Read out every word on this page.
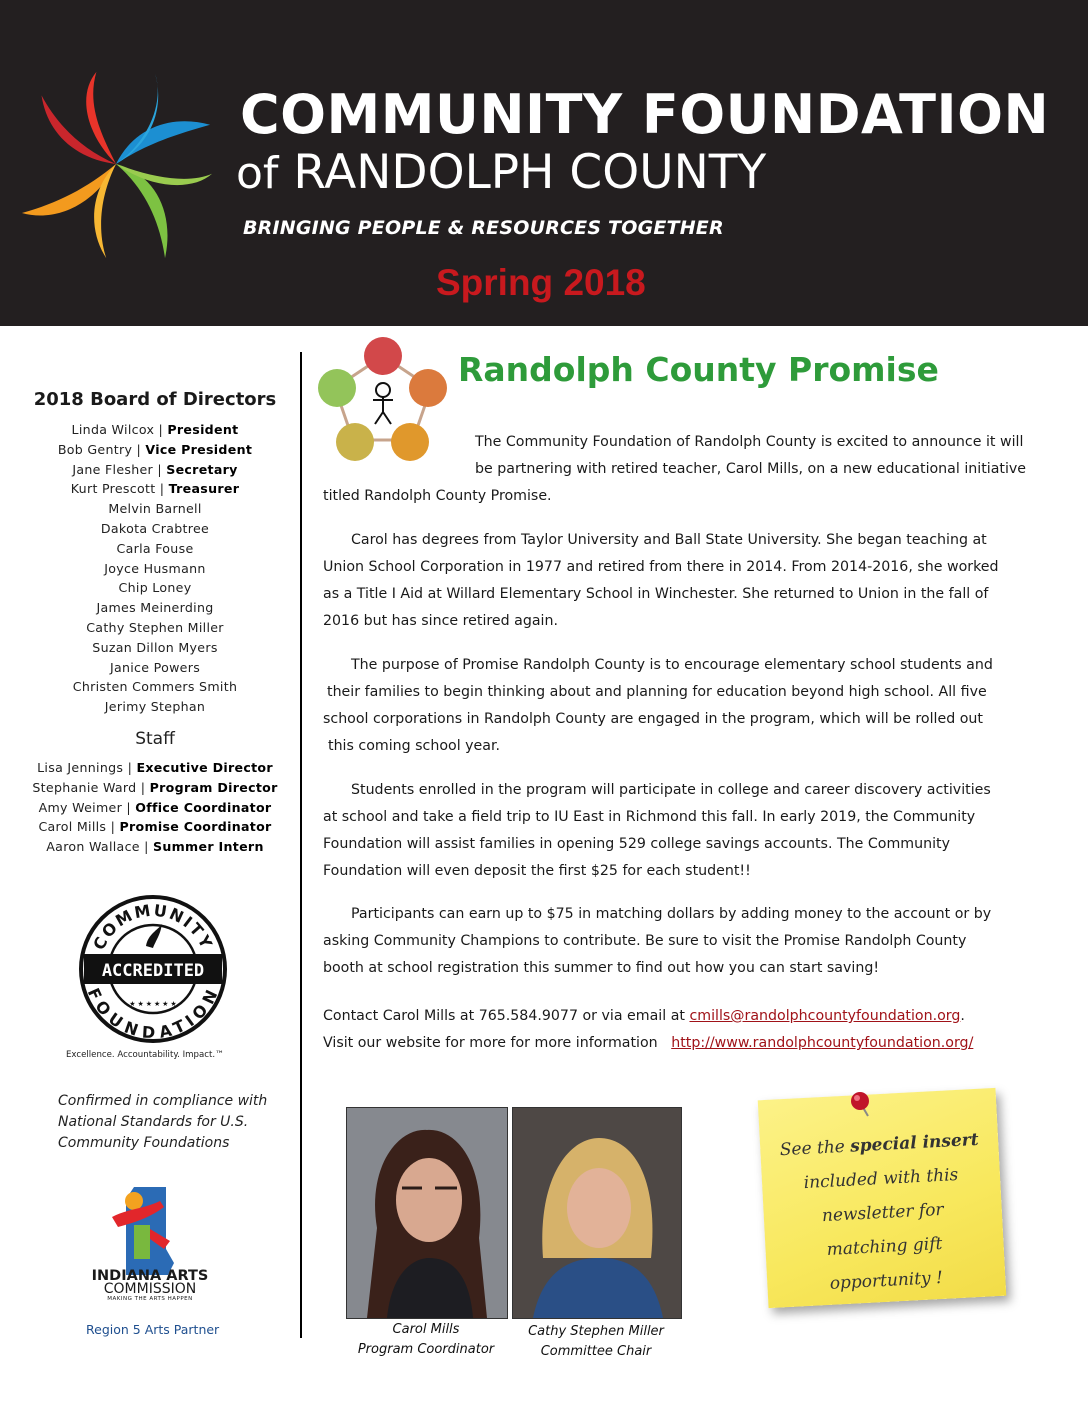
COMMUNITY FOUNDATION
of RANDOLPH COUNTY
BRINGING PEOPLE & RESOURCES TOGETHER
Spring 2018
2018 Board of Directors
Linda Wilcox | President
Bob Gentry | Vice President
Jane Flesher | Secretary
Kurt Prescott | Treasurer
Melvin Barnell
Dakota Crabtree
Carla Fouse
Joyce Husmann
Chip Loney
James Meinerding
Cathy Stephen Miller
Suzan Dillon Myers
Janice Powers
Christen Commers Smith
Jerimy Stephan
Staff
Lisa Jennings | Executive Director
Stephanie Ward | Program Director
Amy Weimer | Office Coordinator
Carol Mills | Promise Coordinator
Aaron Wallace | Summer Intern
COMMUNITY
FOUNDATION
ACCREDITED
★ ★ ★ ★ ★ ★
Excellence. Accountability. Impact.™
Confirmed in compliance with National Standards for U.S. Community Foundations
INDIANA ARTS
COMMISSION
MAKING THE ARTS HAPPEN
Region 5 Arts Partner
Randolph County Promise
The Community Foundation of Randolph County is excited to announce it will
be partnering with retired teacher, Carol Mills, on a new educational initiative
titled Randolph County Promise.
Carol has degrees from Taylor University and Ball State University. She began teaching at
Union School Corporation in 1977 and retired from there in 2014. From 2014-2016, she worked
as a Title I Aid at Willard Elementary School in Winchester. She returned to Union in the fall of
2016 but has since retired again.
The purpose of Promise Randolph County is to encourage elementary school students and
their families to begin thinking about and planning for education beyond high school. All five
school corporations in Randolph County are engaged in the program, which will be rolled out
this coming school year.
Students enrolled in the program will participate in college and career discovery activities
at school and take a field trip to IU East in Richmond this fall. In early 2019, the Community
Foundation will assist families in opening 529 college savings accounts. The Community
Foundation will even deposit the first $25 for each student!!
Participants can earn up to $75 in matching dollars by adding money to the account or by
asking Community Champions to contribute. Be sure to visit the Promise Randolph County
booth at school registration this summer to find out how you can start saving!
Contact Carol Mills at 765.584.9077 or via email at cmills@randolphcountyfoundation.org.
Visit our website for more for more information http://www.randolphcountyfoundation.org/
Carol Mills
Program Coordinator
Cathy Stephen Miller
Committee Chair
See the special insert
included with this
newsletter for
matching gift
opportunity !
